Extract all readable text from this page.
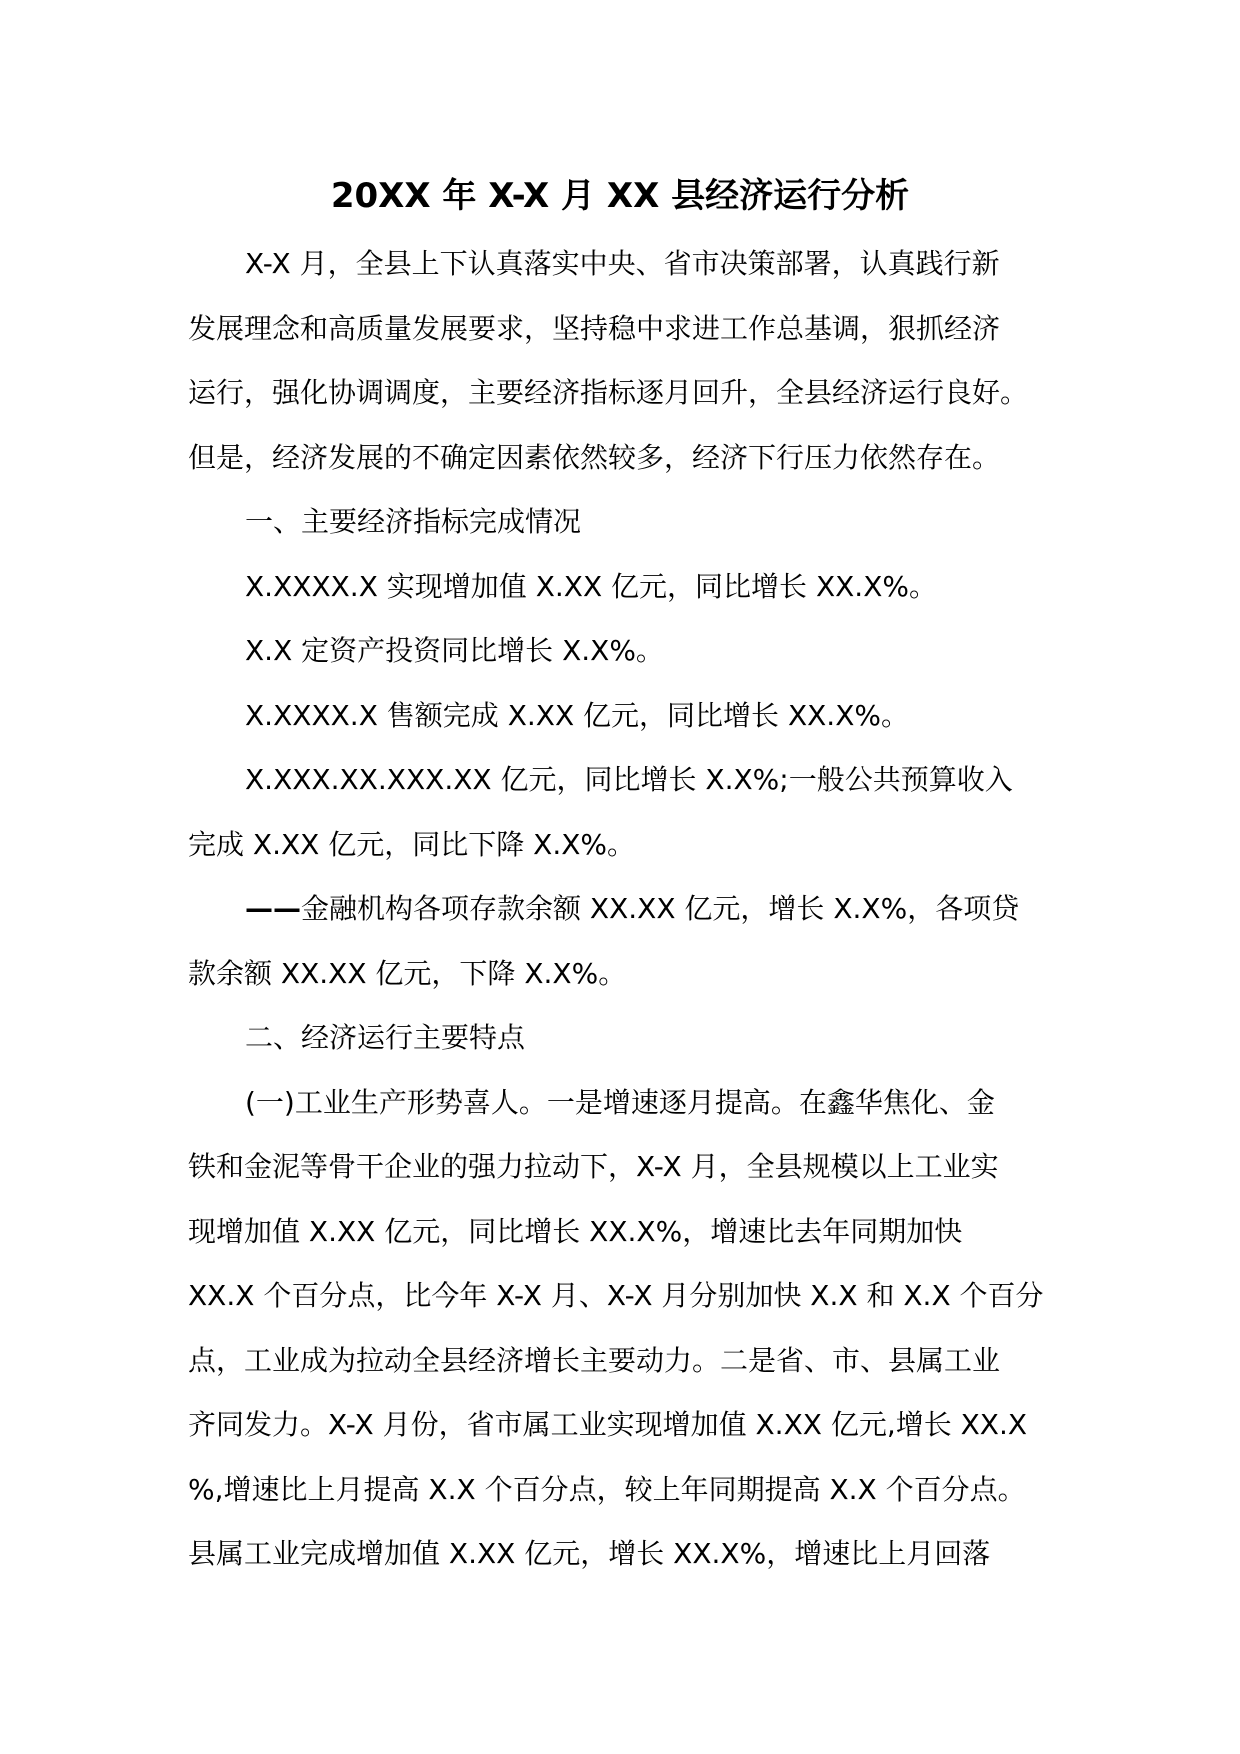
20XX 年 X-X 月 XX 县经济运行分析
X-X 月，全县上下认真落实中央、省市决策部署，认真践行新
发展理念和高质量发展要求，坚持稳中求进工作总基调，狠抓经济
运行，强化协调调度，主要经济指标逐月回升，全县经济运行良好。
但是，经济发展的不确定因素依然较多，经济下行压力依然存在。
一、主要经济指标完成情况
X.XXXX.X 实现增加值 X.XX 亿元，同比增长 XX.X%。
X.X 定资产投资同比增长 X.X%。
X.XXXX.X 售额完成 X.XX 亿元，同比增长 XX.X%。
X.XXX.XX.XXX.XX 亿元，同比增长 X.X%;一般公共预算收入
完成 X.XX 亿元，同比下降 X.X%。
——金融机构各项存款余额 XX.XX 亿元，增长 X.X%，各项贷
款余额 XX.XX 亿元，下降 X.X%。
二、经济运行主要特点
(一)工业生产形势喜人。一是增速逐月提高。在鑫华焦化、金
铁和金泥等骨干企业的强力拉动下，X-X 月，全县规模以上工业实
现增加值 X.XX 亿元，同比增长 XX.X%，增速比去年同期加快
XX.X 个百分点，比今年 X-X 月、X-X 月分别加快 X.X 和 X.X 个百分
点，工业成为拉动全县经济增长主要动力。二是省、市、县属工业
齐同发力。X-X 月份，省市属工业实现增加值 X.XX 亿元,增长 XX.X
%,增速比上月提高 X.X 个百分点，较上年同期提高 X.X 个百分点。
县属工业完成增加值 X.XX 亿元，增长 XX.X%，增速比上月回落
